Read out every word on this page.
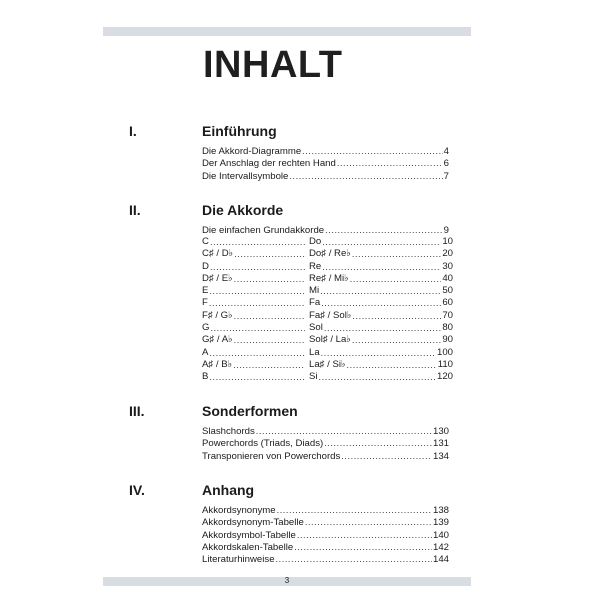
INHALT
I.	Einführung
Die Akkord-Diagramme .....	4
Der Anschlag der rechten Hand .....	6
Die Intervallsymbole .....	7
II.	Die Akkorde
Die einfachen Grundakkorde .....	9
C .....	Do .....	10
C♯ / D♭ .....	Do♯ / Re♭ .....	20
D .....	Re .....	30
D♯ / E♭ .....	Re♯ / Mi♭ .....	40
E .....	Mi .....	50
F .....	Fa .....	60
F♯ / G♭ .....	Fa♯ / Sol♭ .....	70
G .....	Sol .....	80
G♯ / A♭ .....	Sol♯ / La♭ .....	90
A .....	La .....	100
A♯ / B♭ .....	La♯ / Si♭ .....	110
B .....	Si .....	120
III.	Sonderformen
Slashchords .....	130
Powerchords (Triads, Diads) .....	131
Transponieren von Powerchords .....	134
IV.	Anhang
Akkordsynonyme .....	138
Akkordsynonym-Tabelle .....	139
Akkordsymbol-Tabelle .....	140
Akkordskalen-Tabelle .....	142
Literaturhinweise .....	144
3
